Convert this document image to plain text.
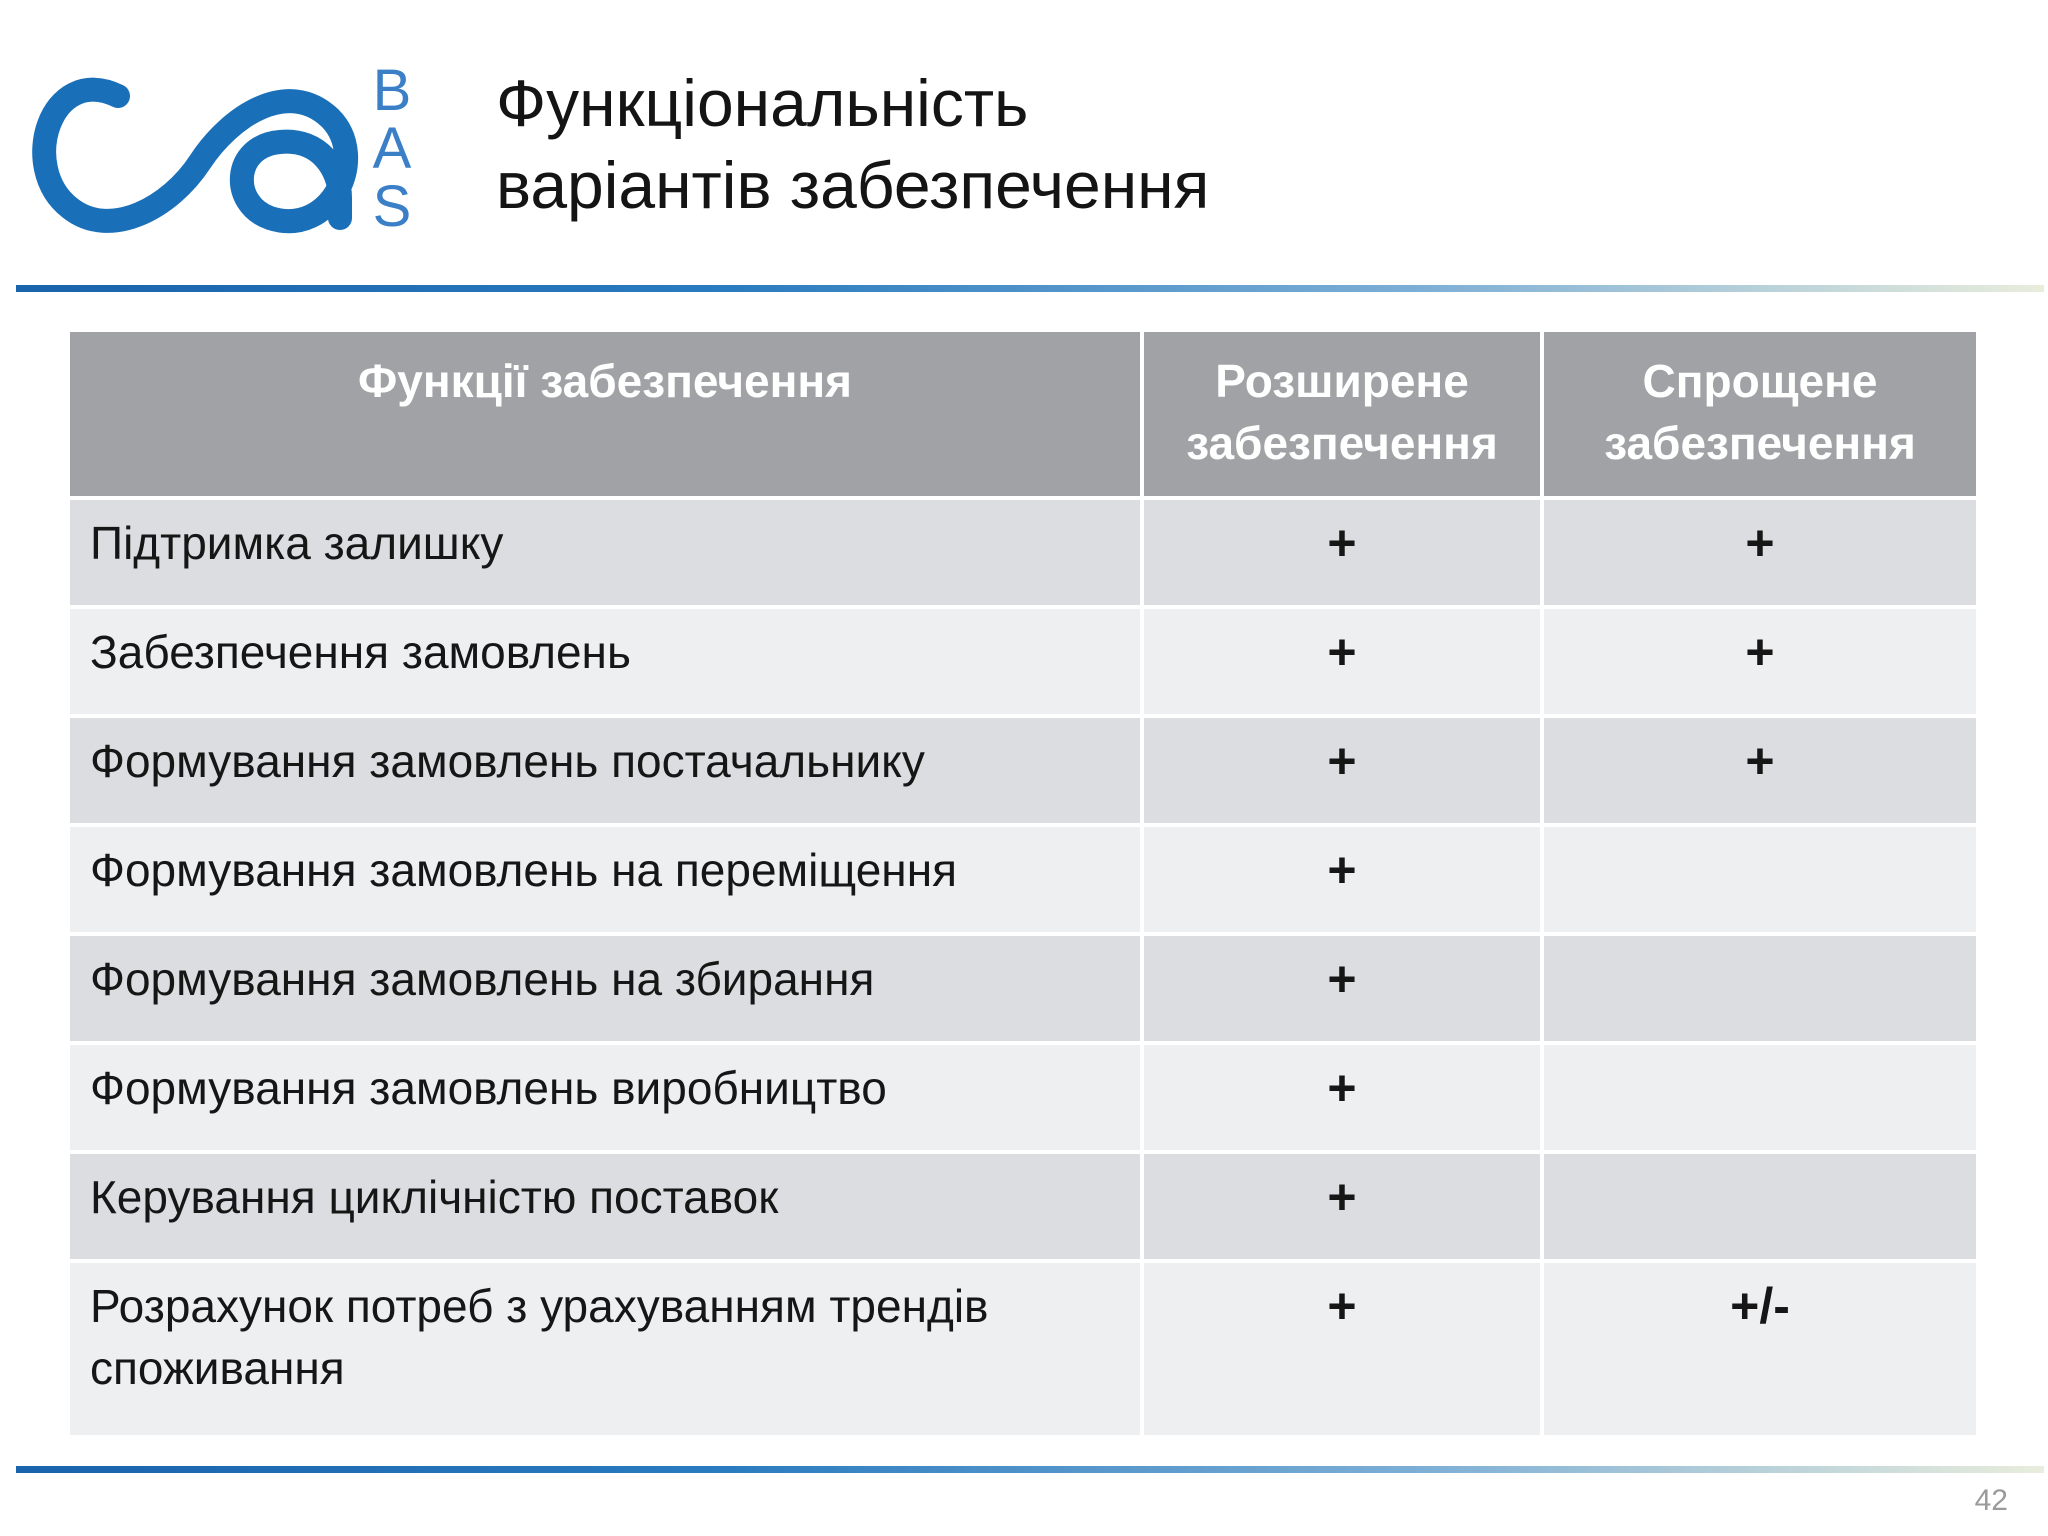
B
A
S
Функціональність
варіантів забезпечення
Функції забезпечення	Розширене забезпечення	Спрощене забезпечення
Підтримка залишку	+	+
Забезпечення замовлень	+	+
Формування замовлень постачальнику	+	+
Формування замовлень на переміщення	+	
Формування замовлень на збирання	+	
Формування замовлень виробництво	+	
Керування циклічністю поставок	+	
Розрахунок потреб з урахуванням трендів споживання	+	+/-
42
